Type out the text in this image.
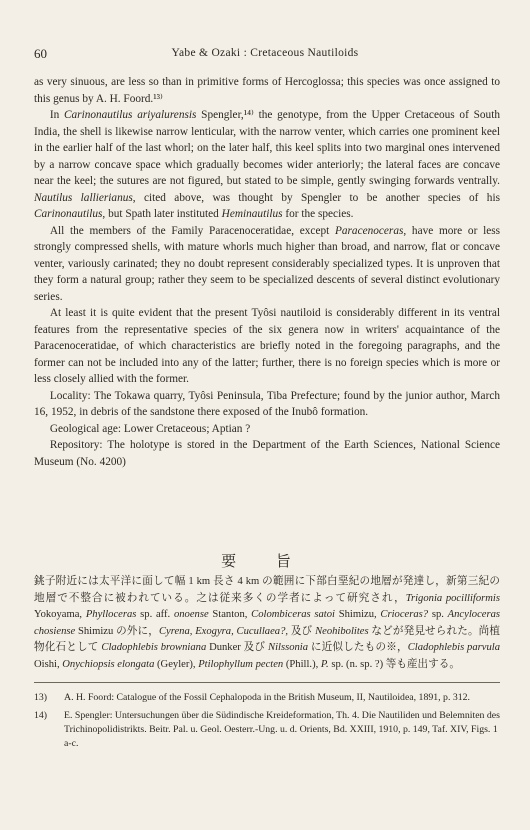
60	Yabe & Ozaki : Cretaceous Nautiloids

as very sinuous, are less so than in primitive forms of Hercoglossa; this species was once assigned to this genus by A. H. Foord.¹³⁾

In Carinonautilus ariyalurensis Spengler,¹⁴⁾ the genotype, from the Upper Cretaceous of South India, the shell is likewise narrow lenticular, with the narrow venter, which carries one prominent keel in the earlier half of the last whorl; on the later half, this keel splits into two marginal ones intervened by a narrow concave space which gradually becomes wider anteriorly; the lateral faces are concave near the keel; the sutures are not figured, but stated to be simple, gently swinging forwards ventrally. Nautilus lallierianus, cited above, was thought by Spengler to be another species of his Carinonautilus, but Spath later instituted Heminautilus for the species.

All the members of the Family Paracenoceratidae, except Paracenoceras, have more or less strongly compressed shells, with mature whorls much higher than broad, and narrow, flat or concave venter, variously carinated; they no doubt represent considerably specialized types. It is unproven that they form a natural group; rather they seem to be specialized descents of several distinct evolutionary series.

At least it is quite evident that the present Tyôsi nautiloid is considerably different in its ventral features from the representative species of the six genera now in writers' acquaintance of the Paracenoceratidae, of which characteristics are briefly noted in the foregoing paragraphs, and the former can not be included into any of the latter; further, there is no foreign species which is more or less closely allied with the former.

Locality: The Tokawa quarry, Tyôsi Peninsula, Tiba Prefecture; found by the junior author, March 16, 1952, in debris of the sandstone there exposed of the Inubô formation.

Geological age: Lower Cretaceous; Aptian ?

Repository: The holotype is stored in the Department of the Earth Sciences, National Science Museum (No. 4200)

要 旨

銚子附近には太平洋に面して幅 1 km 長さ 4 km の範囲に下部白堊紀の地層が発達し，新第三紀の地層で不整合に被われている。之は従来多くの学者によって研究され，Trigonia pocilliformis Yokoyama, Phylloceras sp. aff. onoense Stanton, Colombiceras satoi Shimizu, Crioceras? sp. Ancyloceras chosiense Shimizu の外に，Cyrena, Exogyra, Cucullaea?, 及び Neohibolites などが発見せられた。尚植物化石として Cladophlebis browniana Dunker 及び Nilssonia に近似したもの※，Cladophlebis parvula Oishi, Onychiopsis elongata (Geyler), Ptilophyllum pecten (Phill.), P. sp. (n. sp. ?) 等も産出する。

13)	A. H. Foord: Catalogue of the Fossil Cephalopoda in the British Museum, II, Nautiloidea, 1891, p. 312.
14)	E. Spengler: Untersuchungen über die Südindische Kreideformation, Th. 4. Die Nautiliden und Belemniten des Trichinopolidistrikts. Beitr. Pal. u. Geol. Oesterr.-Ung. u. d. Orients, Bd. XXIII, 1910, p. 149, Taf. XIV, Figs. 1 a-c.
